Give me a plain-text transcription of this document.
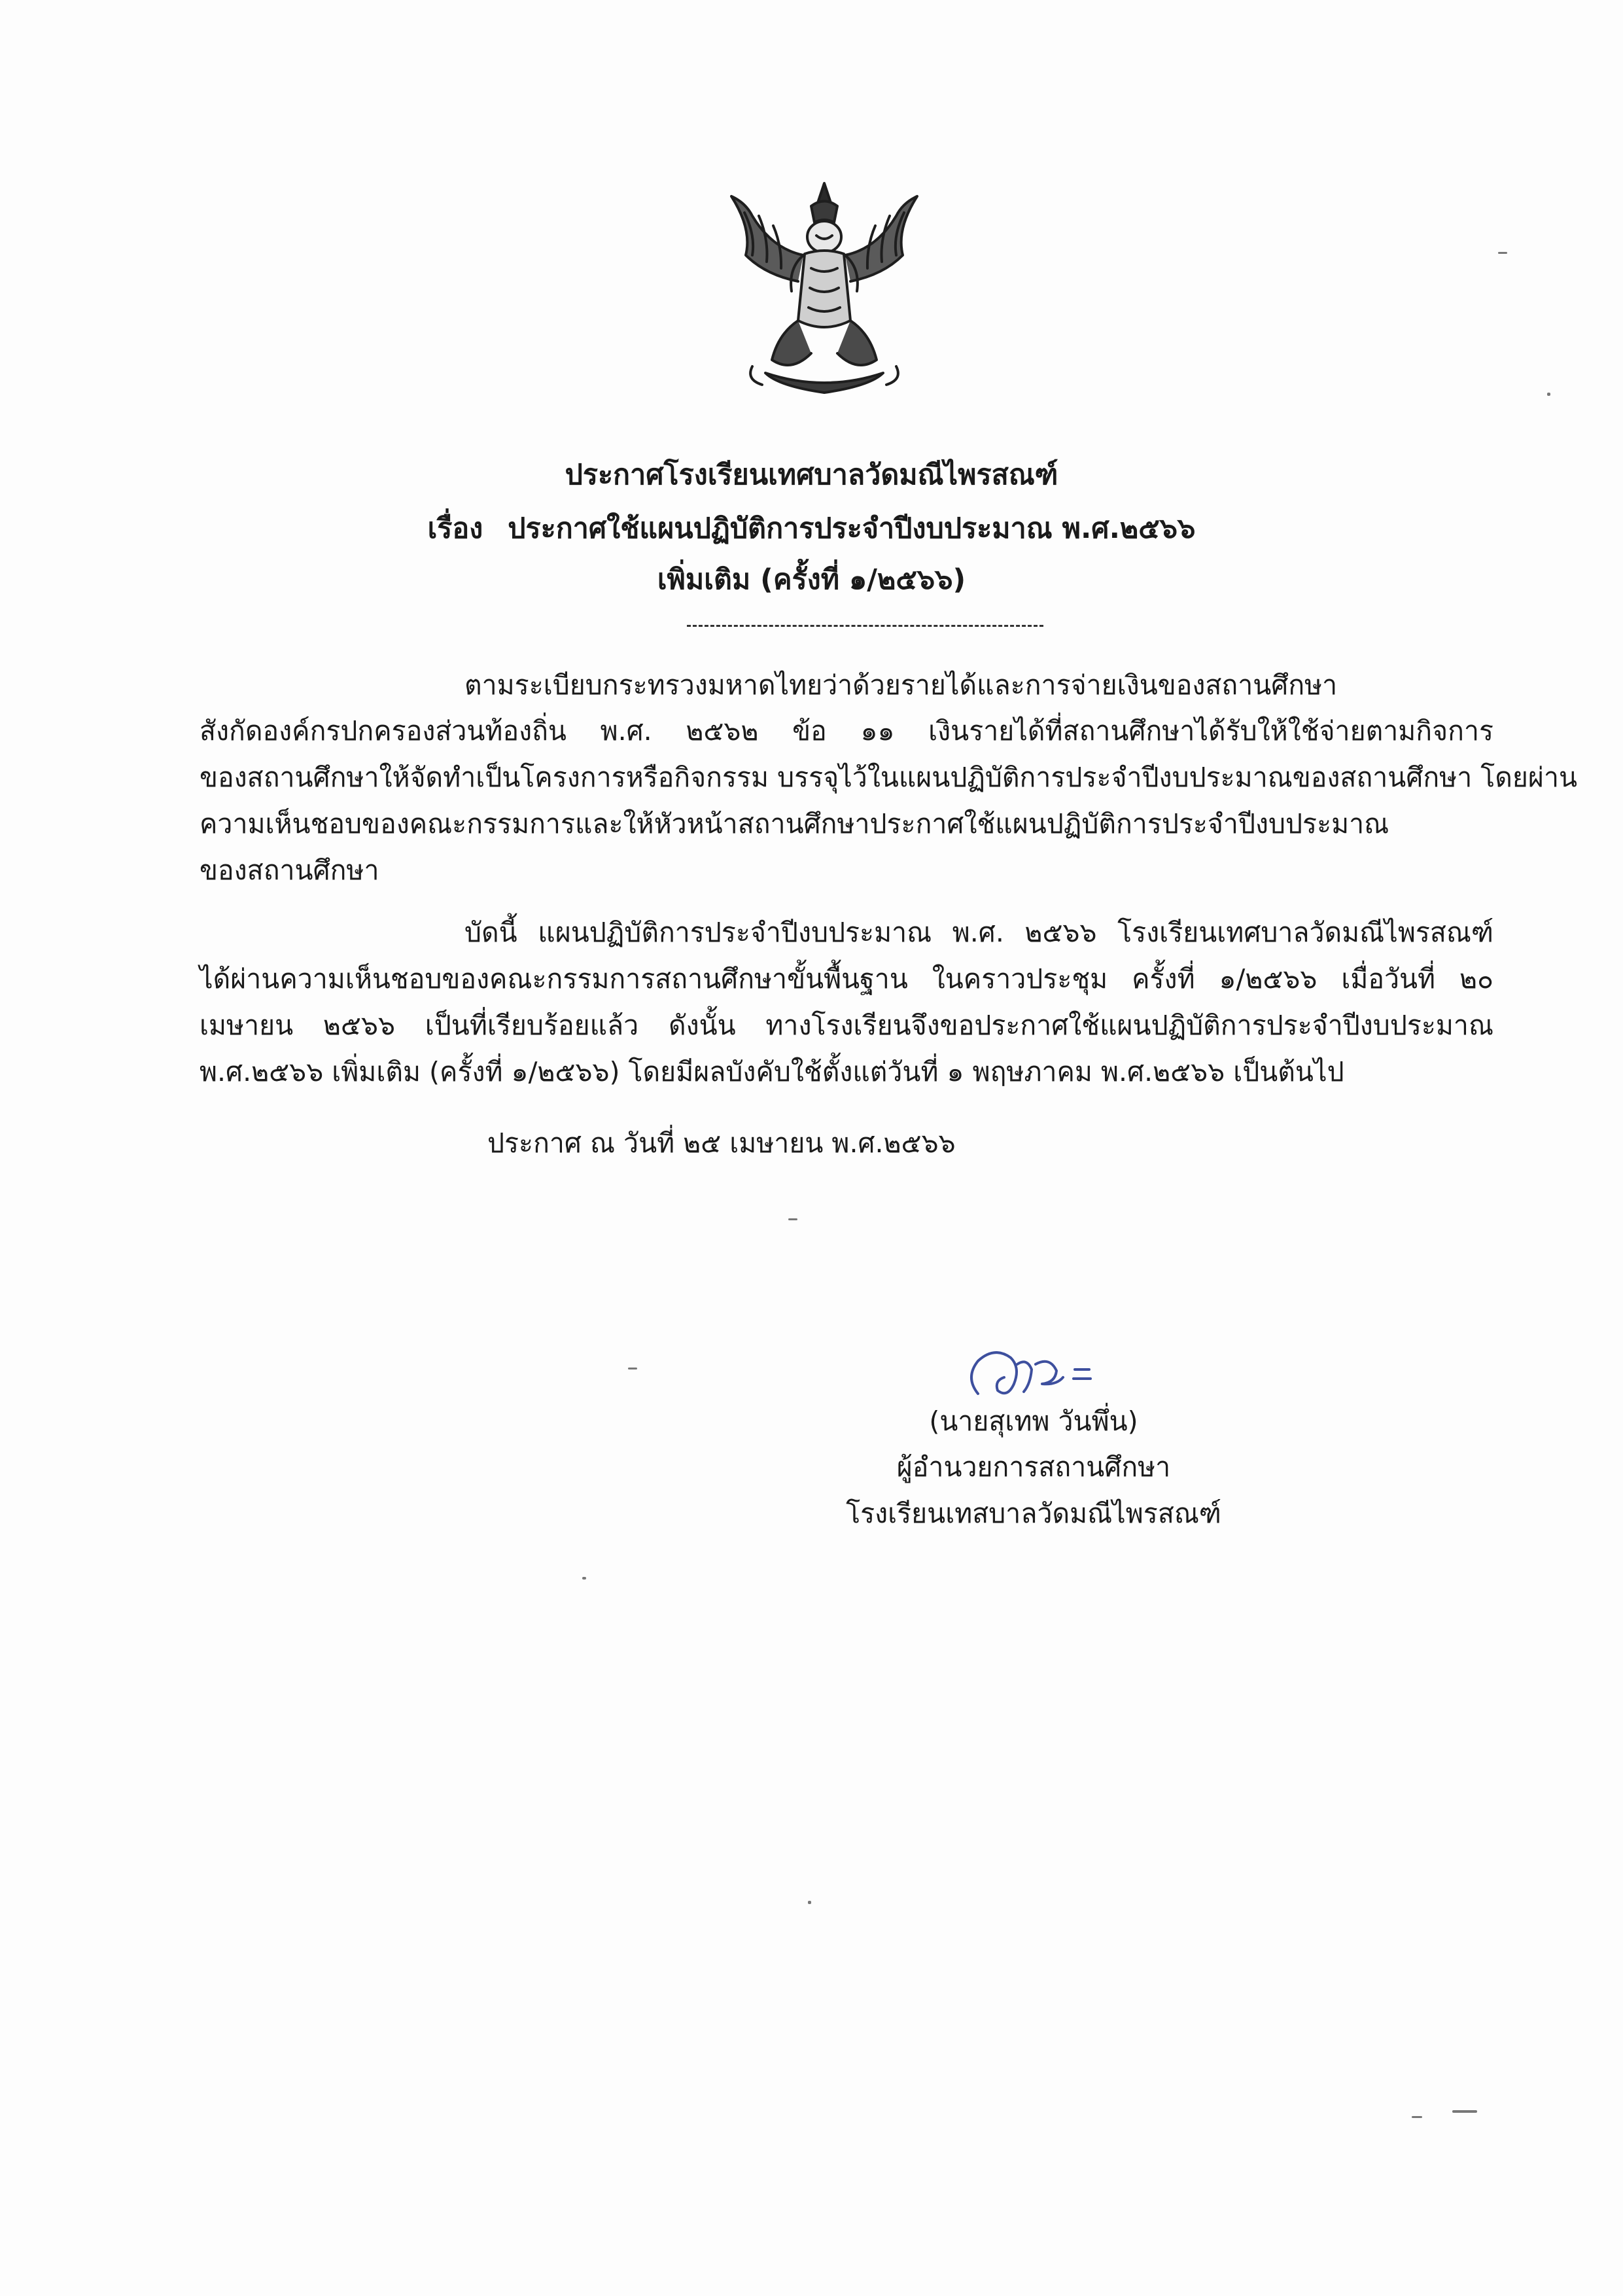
ประกาศโรงเรียนเทศบาลวัดมณีไพรสณฑ์
เรื่อง ประกาศใช้แผนปฏิบัติการประจำปีงบประมาณ พ.ศ.๒๕๖๖
เพิ่มเติม (ครั้งที่ ๑/๒๕๖๖)
ตามระเบียบกระทรวงมหาดไทยว่าด้วยรายได้และการจ่ายเงินของสถานศึกษา
สังกัดองค์กรปกครองส่วนท้องถิ่น พ.ศ. ๒๕๖๒ ข้อ ๑๑ เงินรายได้ที่สถานศึกษาได้รับให้ใช้จ่ายตามกิจการ
ของสถานศึกษาให้จัดทำเป็นโครงการหรือกิจกรรม บรรจุไว้ในแผนปฏิบัติการประจำปีงบประมาณของสถานศึกษา โดยผ่าน
ความเห็นชอบของคณะกรรมการและให้หัวหน้าสถานศึกษาประกาศใช้แผนปฏิบัติการประจำปีงบประมาณ
ของสถานศึกษา
บัดนี้ แผนปฏิบัติการประจำปีงบประมาณ พ.ศ. ๒๕๖๖ โรงเรียนเทศบาลวัดมณีไพรสณฑ์
ได้ผ่านความเห็นชอบของคณะกรรมการสถานศึกษาขั้นพื้นฐาน ในคราวประชุม ครั้งที่ ๑/๒๕๖๖ เมื่อวันที่ ๒๐
เมษายน ๒๕๖๖ เป็นที่เรียบร้อยแล้ว ดังนั้น ทางโรงเรียนจึงขอประกาศใช้แผนปฏิบัติการประจำปีงบประมาณ
พ.ศ.๒๕๖๖ เพิ่มเติม (ครั้งที่ ๑/๒๕๖๖) โดยมีผลบังคับใช้ตั้งแต่วันที่ ๑ พฤษภาคม พ.ศ.๒๕๖๖ เป็นต้นไป
ประกาศ ณ วันที่ ๒๕ เมษายน พ.ศ.๒๕๖๖
(นายสุเทพ วันพึ่น)
ผู้อำนวยการสถานศึกษา
โรงเรียนเทสบาลวัดมณีไพรสณฑ์
